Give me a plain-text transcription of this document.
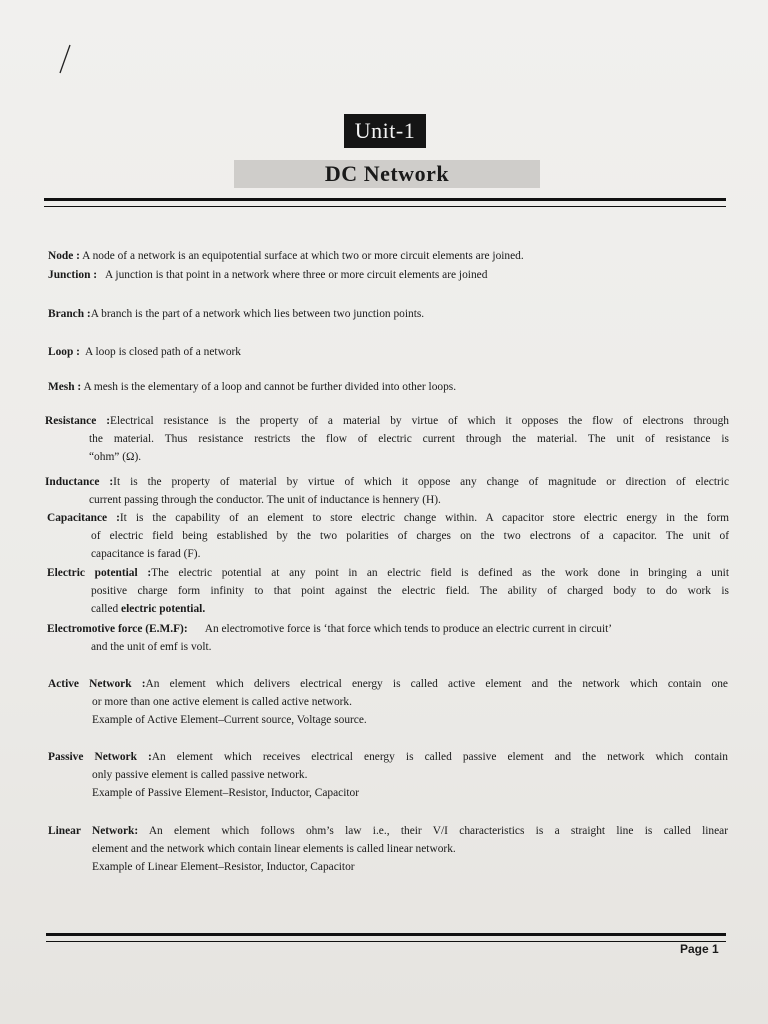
Unit-1
DC Network
Node : A node of a network is an equipotential surface at which two or more circuit elements are joined.
Junction : A junction is that point in a network where three or more circuit elements are joined
Branch :A branch is the part of a network which lies between two junction points.
Loop : A loop is closed path of a network
Mesh : A mesh is the elementary of a loop and cannot be further divided into other loops.
Resistance :Electrical resistance is the property of a material by virtue of which it opposes the flow of electrons through
the material. Thus resistance restricts the flow of electric current through the material. The unit of resistance is
“ohm” (Ω).
Inductance :It is the property of material by virtue of which it oppose any change of magnitude or direction of electric
current passing through the conductor. The unit of inductance is hennery (H).
Capacitance :It is the capability of an element to store electric change within. A capacitor store electric energy in the form
of electric field being established by the two polarities of charges on the two electrons of a capacitor. The unit of
capacitance is farad (F).
Electric potential :The electric potential at any point in an electric field is defined as the work done in bringing a unit
positive charge form infinity to that point against the electric field. The ability of charged body to do work is
called electric potential.
Electromotive force (E.M.F): An electromotive force is ‘that force which tends to produce an electric current in circuit’
and the unit of emf is volt.
Active Network :An element which delivers electrical energy is called active element and the network which contain one
or more than one active element is called active network.
Example of Active Element–Current source, Voltage source.
Passive Network :An element which receives electrical energy is called passive element and the network which contain
only passive element is called passive network.
Example of Passive Element–Resistor, Inductor, Capacitor
Linear Network: An element which follows ohm’s law i.e., their V/I characteristics is a straight line is called linear
element and the network which contain linear elements is called linear network.
Example of Linear Element–Resistor, Inductor, Capacitor
Page 1
